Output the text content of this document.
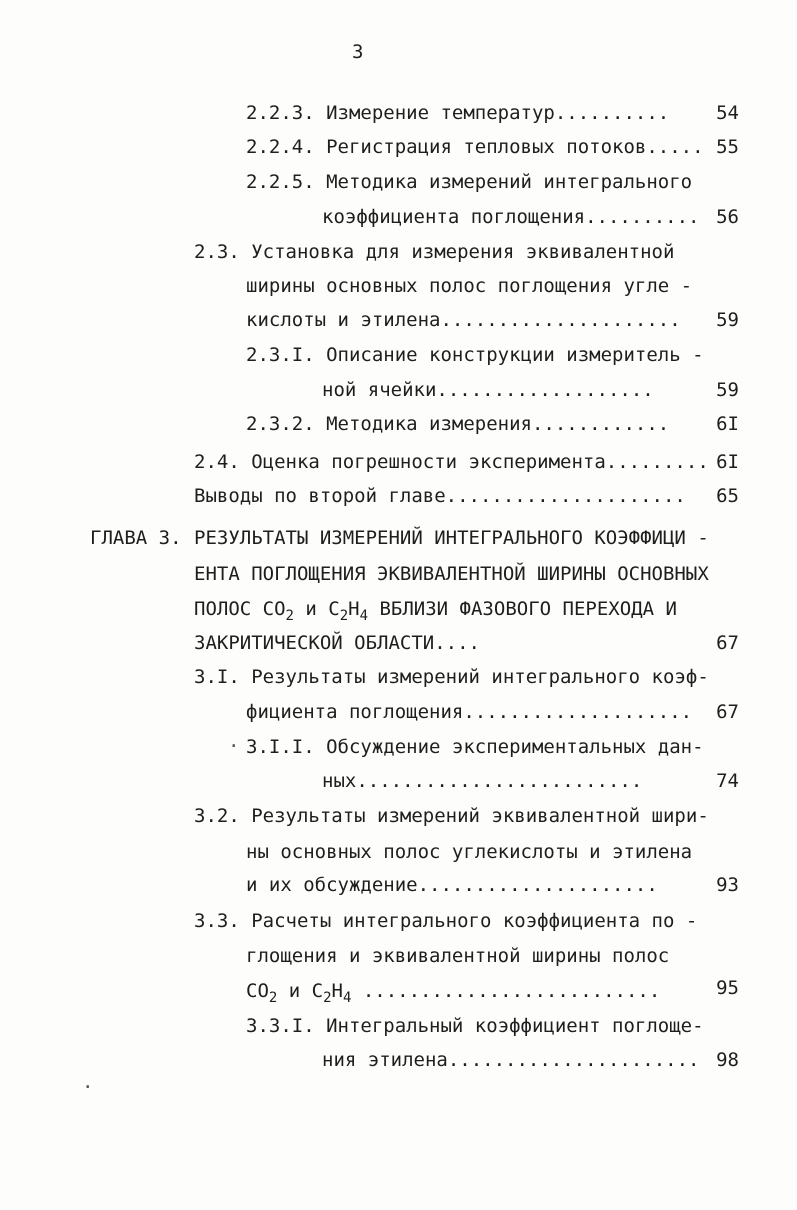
3
2.2.3. Измерение температур.......... 54
2.2.4. Регистрация тепловых потоков..... 55
2.2.5. Методика измерений интегрального
коэффициента поглощения.......... 56
2.3. Установка для измерения эквивалентной
ширины основных полос поглощения угле -
кислоты и этилена..................... 59
2.3.I. Описание конструкции измеритель -
ной ячейки...................	59
2.3.2. Методика измерения............ 6I
2.4. Оценка погрешности эксперимента......... 6I
Выводы по второй главе..................... 65
ГЛАВА 3. РЕЗУЛЬТАТЫ ИЗМЕРЕНИЙ ИНТЕГРАЛЬНОГО КОЭФФИЦИ -
ЕНТА ПОГЛОЩЕНИЯ ЭКВИВАЛЕНТНОЙ ШИРИНЫ ОСНОВНЫХ
ПОЛОС $CO_2$ и $C_2H_4$ ВБЛИЗИ ФАЗОВОГО ПЕРЕХОДА И
ЗАКРИТИЧЕСКОЙ ОБЛАСТИ....	67
3.I. Результаты измерений интегрального коэф-
фициента поглощения.................... 67
· 3.I.I. Обсуждение экспериментальных дан-
ных.........................	74
3.2. Результаты измерений эквивалентной шири-
ны основных полос углекислоты и этилена
и их обсуждение.....................	93
3.3. Расчеты интегрального коэффициента по -
глощения и эквивалентной ширины полос
$CO_2$ и $C_2H_4$ ..........................	95
3.3.I. Интегральный коэффициент поглоще-
ния этилена...................... 98
·
